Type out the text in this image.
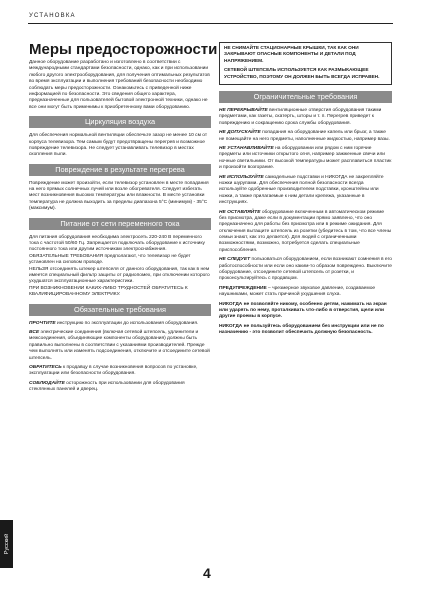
УСТАНОВКА
Меры предосторожности

Данное оборудование разработано и изготовлено в соответствии с международными стандартами безопасности, однако, как и при использовании любого другого электрооборудования, для получения оптимальных результатов во время эксплуатации и выполнения требований безопасности необходимо соблюдать меры предосторожности. Ознакомьтесь с приведенной ниже информацией по безопасности. Это сведения общего характера, предназначенные для пользователей бытовой электронной техники, однако не все они могут быть применимы к приобретенному вами оборудованию.

Циркуляция воздуха

Для обеспечения нормальной вентиляции обеспечьте зазор не менее 10 см от корпуса телевизора. Тем самым будут предотвращены перегрев и возможное повреждение телевизора. Не следует устанавливать телевизор в местах скопления пыли.

Повреждение в результате перегрева

Повреждение может произойти, если телевизор установлен в месте попадания на него прямых солнечных лучей или возле обогревателя. Следует избегать мест возникновения высоких температуры или влажности. В месте установки температура не должна выходить за пределы диапазона 5°C (минимум) - 35°C (максимум).

Питание от сети переменного тока

Для питания оборудования необходима электросеть 220-240 В переменного тока с частотой 50/60 Гц. Запрещается подключать оборудование к источнику постоянного тока или другим источникам электроснабжения.

ОБЯЗАТЕЛЬНЫЕ ТРЕБОВАНИЯ предполагают, что телевизор не будет установлен на силовом проводе.

НЕЛЬЗЯ отсоединять штекер штепселя от данного оборудования, так как в нем имеется специальный фильтр защиты от радиопомех, при отключении которого ухудшатся эксплуатационные характеристики.

ПРИ ВОЗНИКНОВЕНИИ КАКИХ-ЛИБО ТРУДНОСТЕЙ ОБРАТИТЕСЬ К КВАЛИФИЦИРОВАННОМУ ЭЛЕКТРИКУ.

Обязательные требования

ПРОЧТИТЕ инструкцию по эксплуатации до использования оборудования.

ВСЕ электрические соединения (включая сетевой штепсель, удлинители и межсоединения, объединяющие компоненты оборудования) должны быть правильно выполнены в соответствии с указаниями производителей. Прежде чем выполнять или изменять подсоединения, отключите и отсоедините сетевой штепсель.

ОБРАТИТЕСЬ к продавцу в случае возникновения вопросов по установке, эксплуатации или безопасности оборудования.

СОБЛЮДАЙТЕ осторожность при использовании для оборудования стеклянных панелей и дверец.

НЕ СНИМАЙТЕ СТАЦИОНАРНЫЕ КРЫШКИ, ТАК КАК ОНИ ЗАКРЫВАЮТ ОПАСНЫЕ КОМПОНЕНТЫ И ДЕТАЛИ ПОД НАПРЯЖЕНИЕМ.

СЕТЕВОЙ ШТЕПСЕЛЬ ИСПОЛЬЗУЕТСЯ КАК РАЗМЫКАЮЩЕЕ УСТРОЙСТВО, ПОЭТОМУ ОН ДОЛЖЕН БЫТЬ ВСЕГДА ИСПРАВЕН.

Ограничительные требования

НЕ ПЕРЕКРЫВАЙТЕ вентиляционные отверстия оборудования такими предметами, как газеты, скатерть, шторы и т. п. Перегрев приведет к повреждению и сокращению срока службы оборудования.

НЕ ДОПУСКАЙТЕ попадания на оборудование капель или брызг, а также не помещайте на него предметы, наполненные жидкостью, например вазы.

НЕ УСТАНАВЛИВАЙТЕ на оборудовании или рядом с ним горячие предметы или источники открытого огня, например зажженные свечи или ночные светильники. От высокой температуры может расплавиться пластик и произойти возгорание.

НЕ ИСПОЛЬЗУЙТЕ самодельные подставки и НИКОГДА не закрепляйте ножки шурупами. Для обеспечения полной безопасности всегда используйте одобренные производителем подставки, кронштейны или ножки, а также прилагаемые к ним детали крепежа, указанные в инструкциях.

НЕ ОСТАВЛЯЙТЕ оборудование включенным в автоматическом режиме без присмотра, даже если в документации прямо заявлено, что оно предназначено для работы без присмотра или в режиме ожидания. Для отключения вытащите штепсель из розетки (убедитесь в том, что все члены семьи знают, как это делается). Для людей с ограниченными возможностями, возможно, потребуется сделать специальные приспособления.

НЕ СЛЕДУЕТ пользоваться оборудованием, если возникают сомнения в его работоспособности или если оно каким-то образом повреждено. Выключите оборудование, отсоедините сетевой штепсель от розетки, и проконсультируйтесь с продавцом.

ПРЕДУПРЕЖДЕНИЕ – чрезмерное звуковое давление, создаваемое наушниками, может стать причиной ухудшения слуха.

НИКОГДА не позволяйте никому, особенно детям, нажимать на экран или ударять по нему, проталкивать что-либо в отверстия, щели или другие проемы в корпусе.

НИКОГДА не пользуйтесь оборудованием без инструкции или не по назначению - это позволит обеспечить должную безопасность.

Русский
4
